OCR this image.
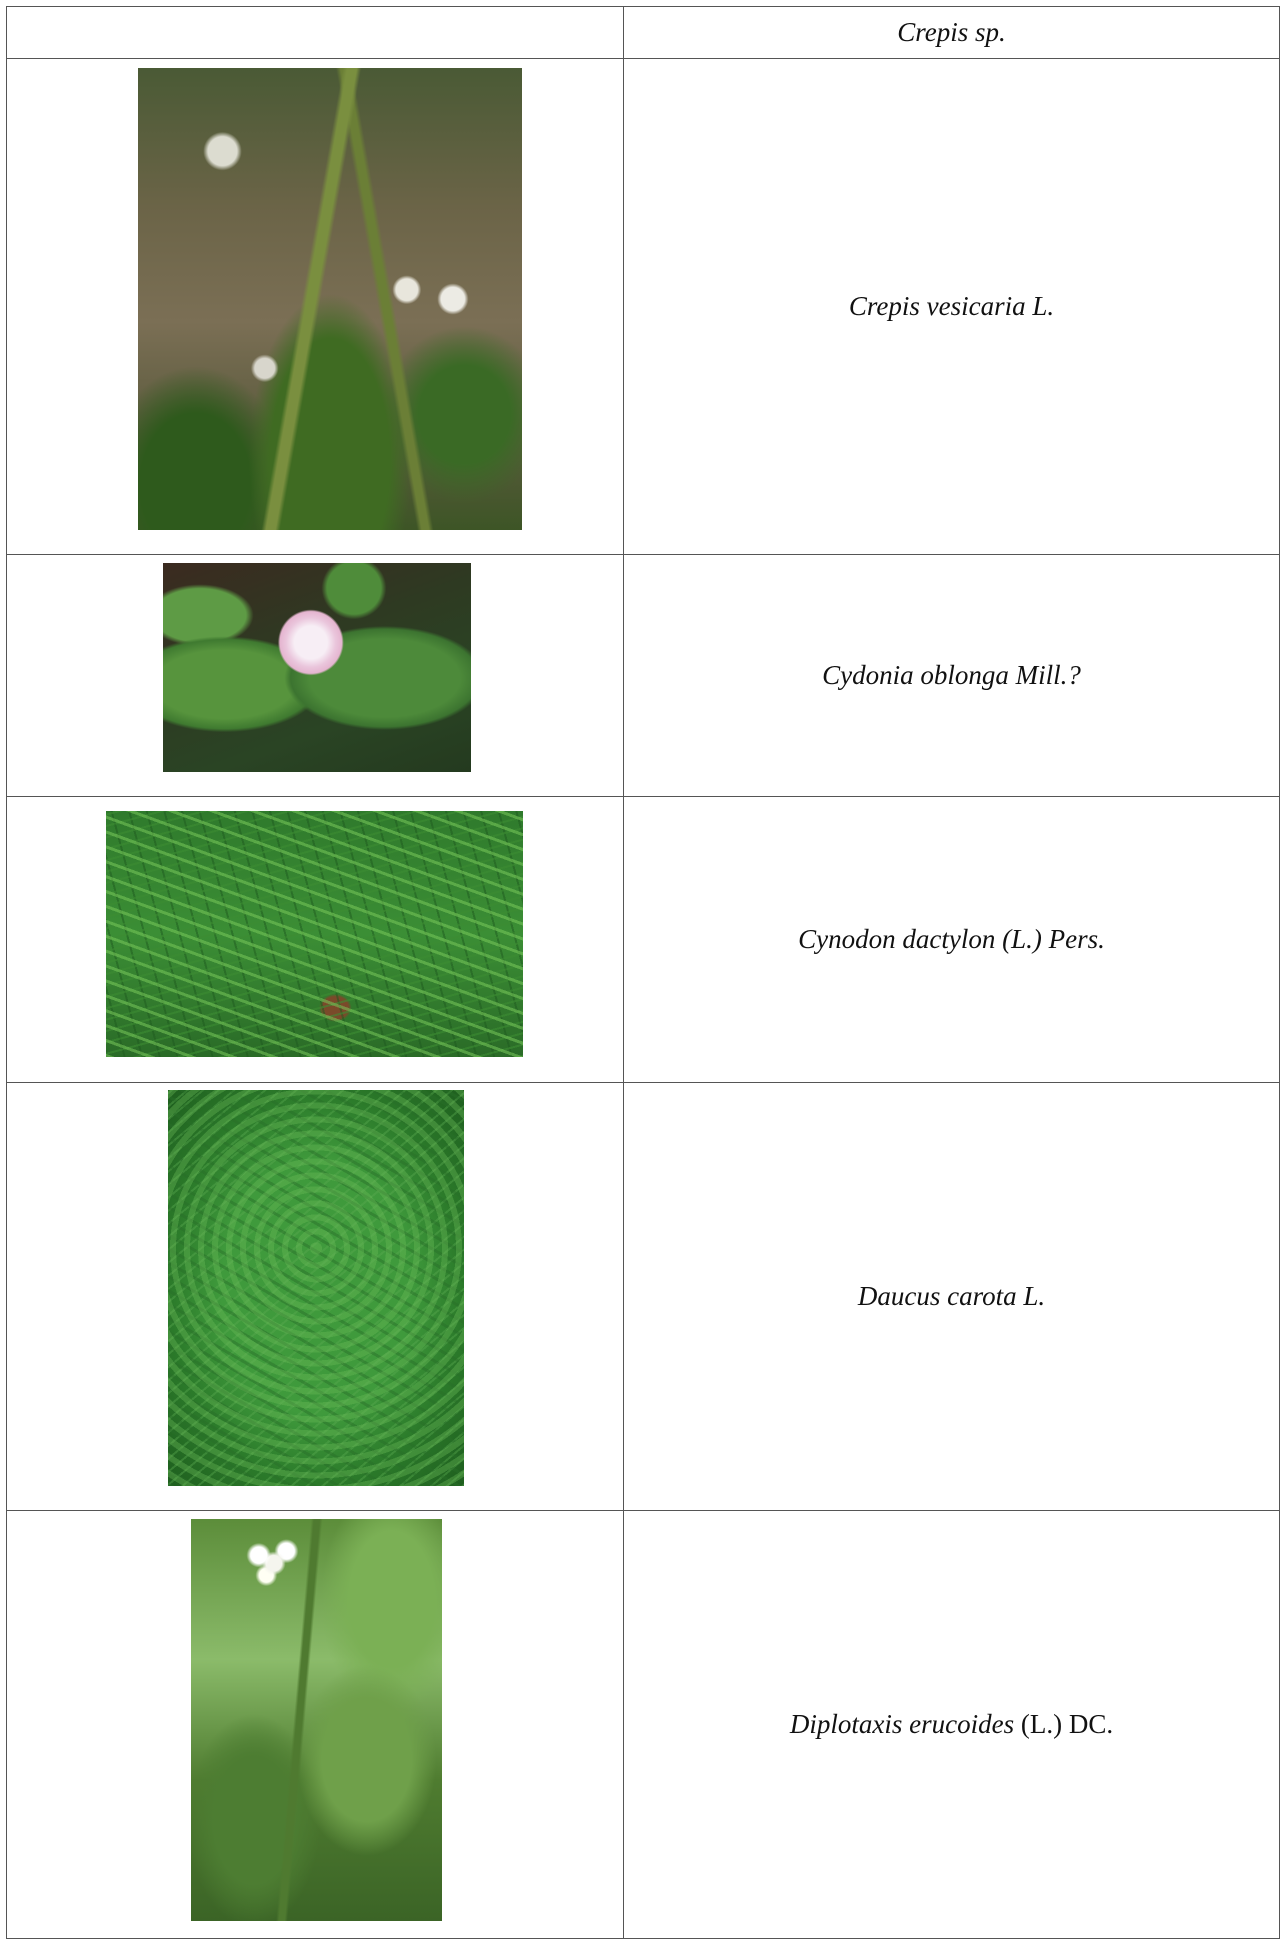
	Crepis sp.

	Crepis vesicaria L.

	Cydonia oblonga Mill.?

	Cynodon dactylon (L.) Pers.

	Daucus carota L.

	Diplotaxis erucoides (L.) DC.
